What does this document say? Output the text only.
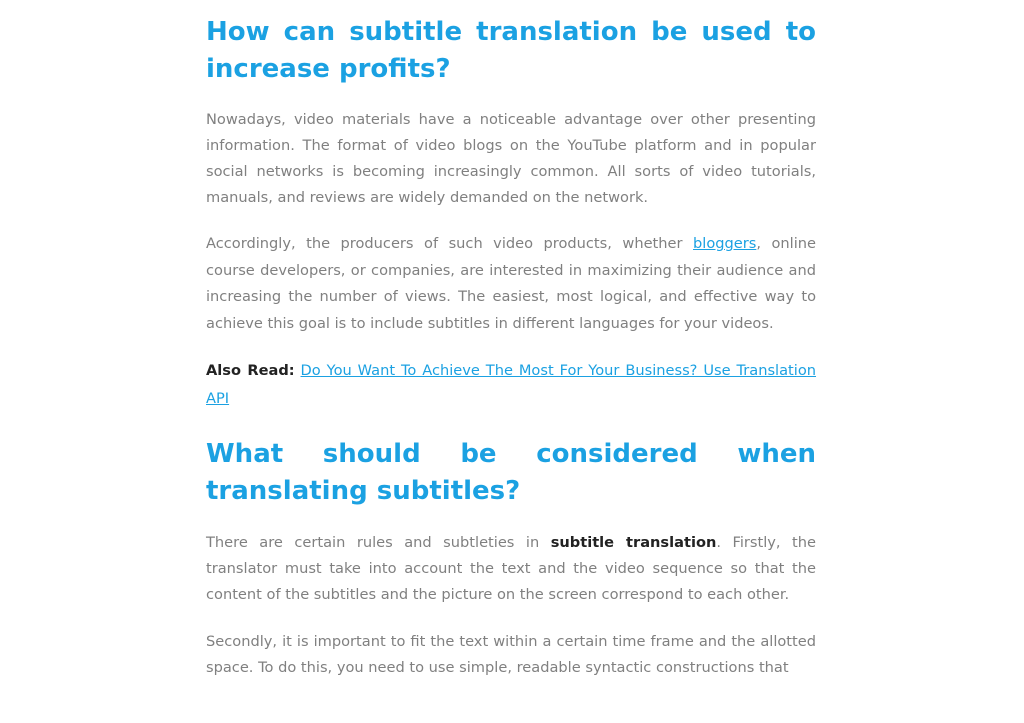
How can subtitle translation be used to increase profits?

Nowadays, video materials have a noticeable advantage over other presenting information. The format of video blogs on the YouTube platform and in popular social networks is becoming increasingly common. All sorts of video tutorials, manuals, and reviews are widely demanded on the network.

Accordingly, the producers of such video products, whether bloggers, online course developers, or companies, are interested in maximizing their audience and increasing the number of views. The easiest, most logical, and effective way to achieve this goal is to include subtitles in different languages for your videos.

Also Read: Do You Want To Achieve The Most For Your Business? Use Translation API

What should be considered when translating subtitles?

There are certain rules and subtleties in subtitle translation. Firstly, the translator must take into account the text and the video sequence so that the content of the subtitles and the picture on the screen correspond to each other.

Secondly, it is important to fit the text within a certain time frame and the allotted space. To do this, you need to use simple, readable syntactic constructions that
